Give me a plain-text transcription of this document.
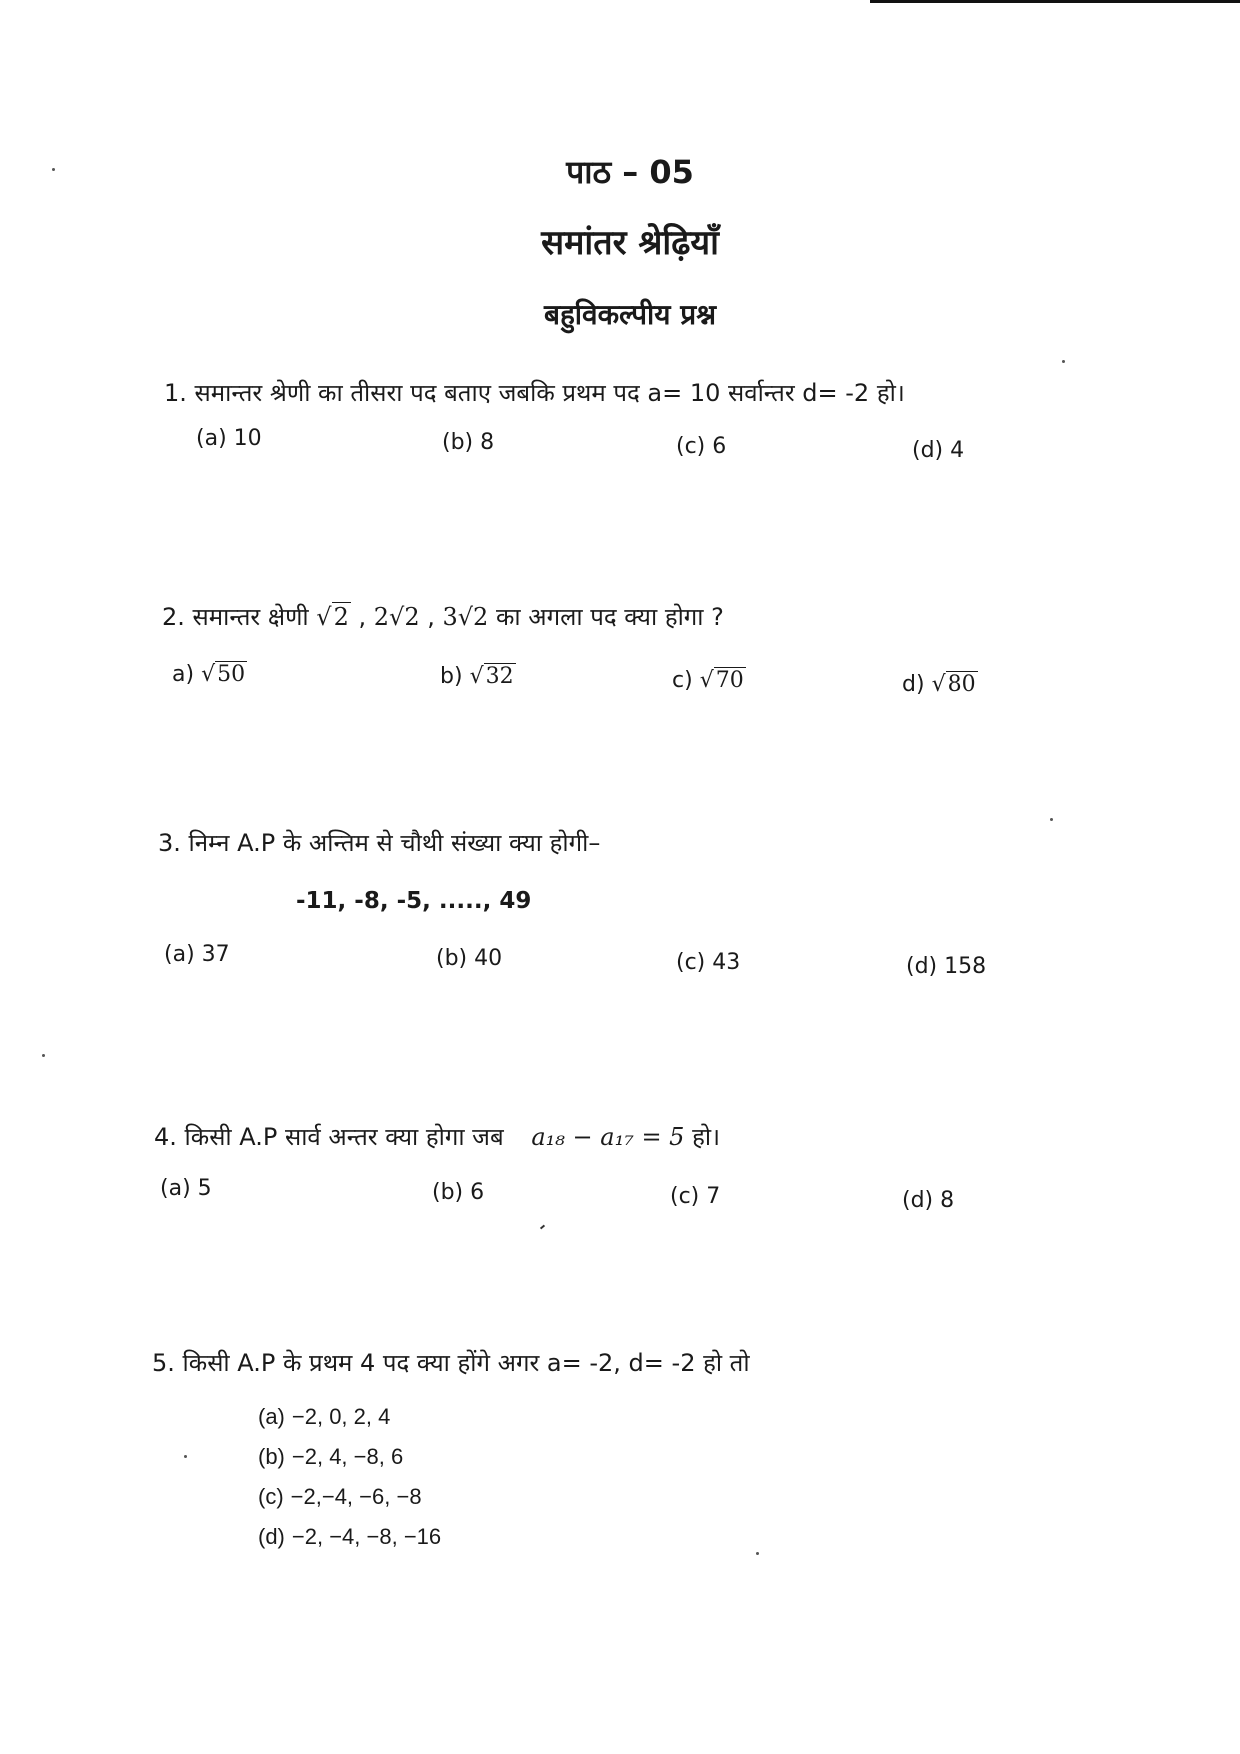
पाठ – 05
समांतर श्रेढ़ियाँ
बहुविकल्पीय प्रश्न
1. समान्तर श्रेणी का तीसरा पद बताए जबकि प्रथम पद a= 10 सर्वान्तर d= -2 हो।
(a) 10	(b) 8	(c) 6	(d) 4
2. समान्तर क्षेणी √2 , 2√2 , 3√2 का अगला पद क्या होगा ?
a) √50	b) √32	c) √70	d) √80
3. निम्न A.P के अन्तिम से चौथी संख्या क्या होगी–
-11, -8, -5, ....., 49
(a) 37	(b) 40	(c) 43	(d) 158
4. किसी A.P सार्व अन्तर क्या होगा जब a₁₈ − a₁₇ = 5 हो।
(a) 5	(b) 6	(c) 7	(d) 8
5. किसी A.P के प्रथम 4 पद क्या होंगे अगर a= -2, d= -2 हो तो
(a) −2, 0, 2, 4
(b) −2, 4, −8, 6
(c) −2,−4, −6, −8
(d) −2, −4, −8, −16
